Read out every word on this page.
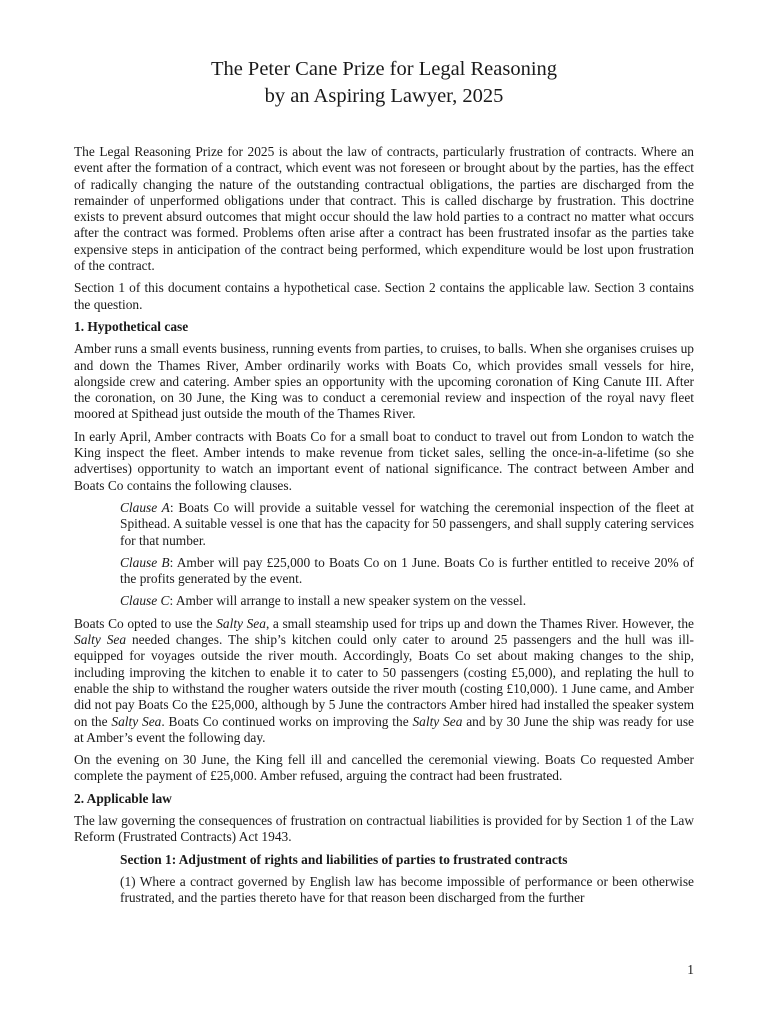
The Peter Cane Prize for Legal Reasoning
by an Aspiring Lawyer, 2025

The Legal Reasoning Prize for 2025 is about the law of contracts, particularly frustration of contracts. Where an event after the formation of a contract, which event was not foreseen or brought about by the parties, has the effect of radically changing the nature of the outstanding contractual obligations, the parties are discharged from the remainder of unperformed obligations under that contract. This is called discharge by frustration. This doctrine exists to prevent absurd outcomes that might occur should the law hold parties to a contract no matter what occurs after the contract was formed. Problems often arise after a contract has been frustrated insofar as the parties take expensive steps in anticipation of the contract being performed, which expenditure would be lost upon frustration of the contract.

Section 1 of this document contains a hypothetical case. Section 2 contains the applicable law. Section 3 contains the question.

1. Hypothetical case

Amber runs a small events business, running events from parties, to cruises, to balls. When she organises cruises up and down the Thames River, Amber ordinarily works with Boats Co, which provides small vessels for hire, alongside crew and catering. Amber spies an opportunity with the upcoming coronation of King Canute III. After the coronation, on 30 June, the King was to conduct a ceremonial review and inspection of the royal navy fleet moored at Spithead just outside the mouth of the Thames River.

In early April, Amber contracts with Boats Co for a small boat to conduct to travel out from London to watch the King inspect the fleet. Amber intends to make revenue from ticket sales, selling the once-in-a-lifetime (so she advertises) opportunity to watch an important event of national significance. The contract between Amber and Boats Co contains the following clauses.

Clause A: Boats Co will provide a suitable vessel for watching the ceremonial inspection of the fleet at Spithead. A suitable vessel is one that has the capacity for 50 passengers, and shall supply catering services for that number.

Clause B: Amber will pay £25,000 to Boats Co on 1 June. Boats Co is further entitled to receive 20% of the profits generated by the event.

Clause C: Amber will arrange to install a new speaker system on the vessel.

Boats Co opted to use the Salty Sea, a small steamship used for trips up and down the Thames River. However, the Salty Sea needed changes. The ship’s kitchen could only cater to around 25 passengers and the hull was ill-equipped for voyages outside the river mouth. Accordingly, Boats Co set about making changes to the ship, including improving the kitchen to enable it to cater to 50 passengers (costing £5,000), and replating the hull to enable the ship to withstand the rougher waters outside the river mouth (costing £10,000). 1 June came, and Amber did not pay Boats Co the £25,000, although by 5 June the contractors Amber hired had installed the speaker system on the Salty Sea. Boats Co continued works on improving the Salty Sea and by 30 June the ship was ready for use at Amber’s event the following day.

On the evening on 30 June, the King fell ill and cancelled the ceremonial viewing. Boats Co requested Amber complete the payment of £25,000. Amber refused, arguing the contract had been frustrated.

2. Applicable law

The law governing the consequences of frustration on contractual liabilities is provided for by Section 1 of the Law Reform (Frustrated Contracts) Act 1943.

Section 1: Adjustment of rights and liabilities of parties to frustrated contracts

(1) Where a contract governed by English law has become impossible of performance or been otherwise frustrated, and the parties thereto have for that reason been discharged from the further

1
